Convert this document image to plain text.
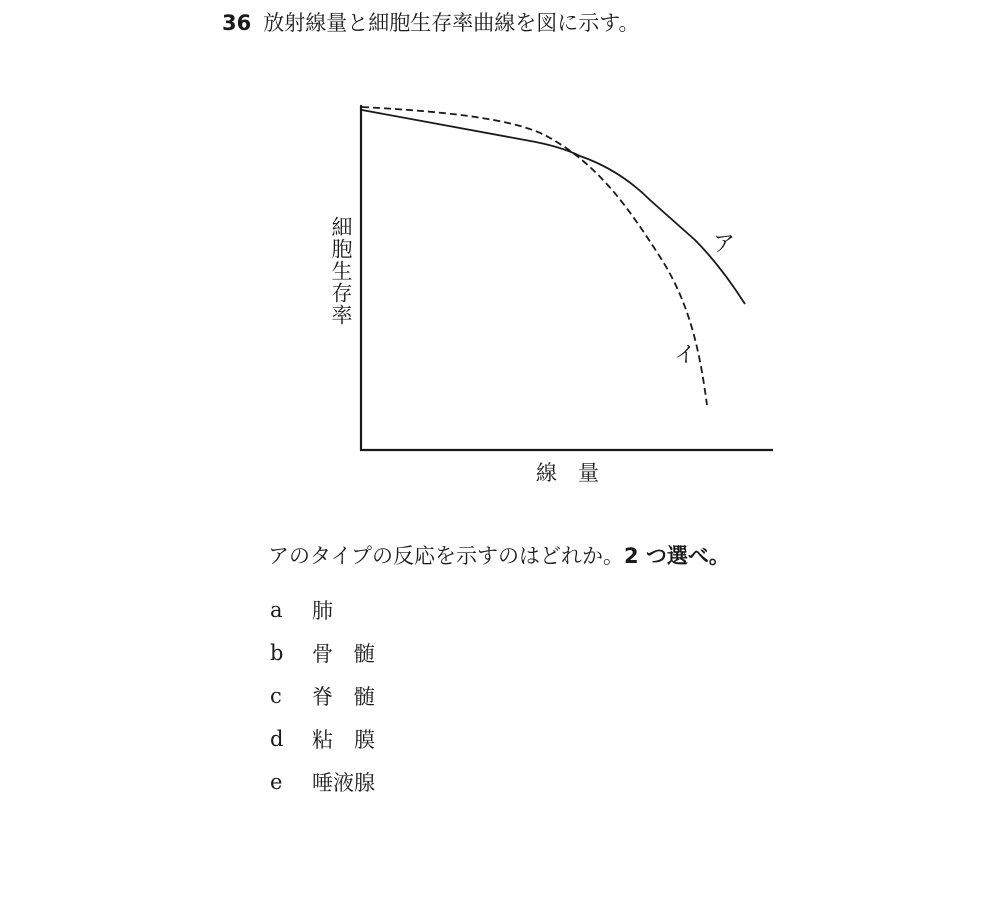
36 放射線量と細胞生存率曲線を図に示す。
細胞生存率
線　量
ア
イ
アのタイプの反応を示すのはどれか。2 つ選べ。
a	肺
b	骨　髄
c	脊　髄
d	粘　膜
e	唾液腺
